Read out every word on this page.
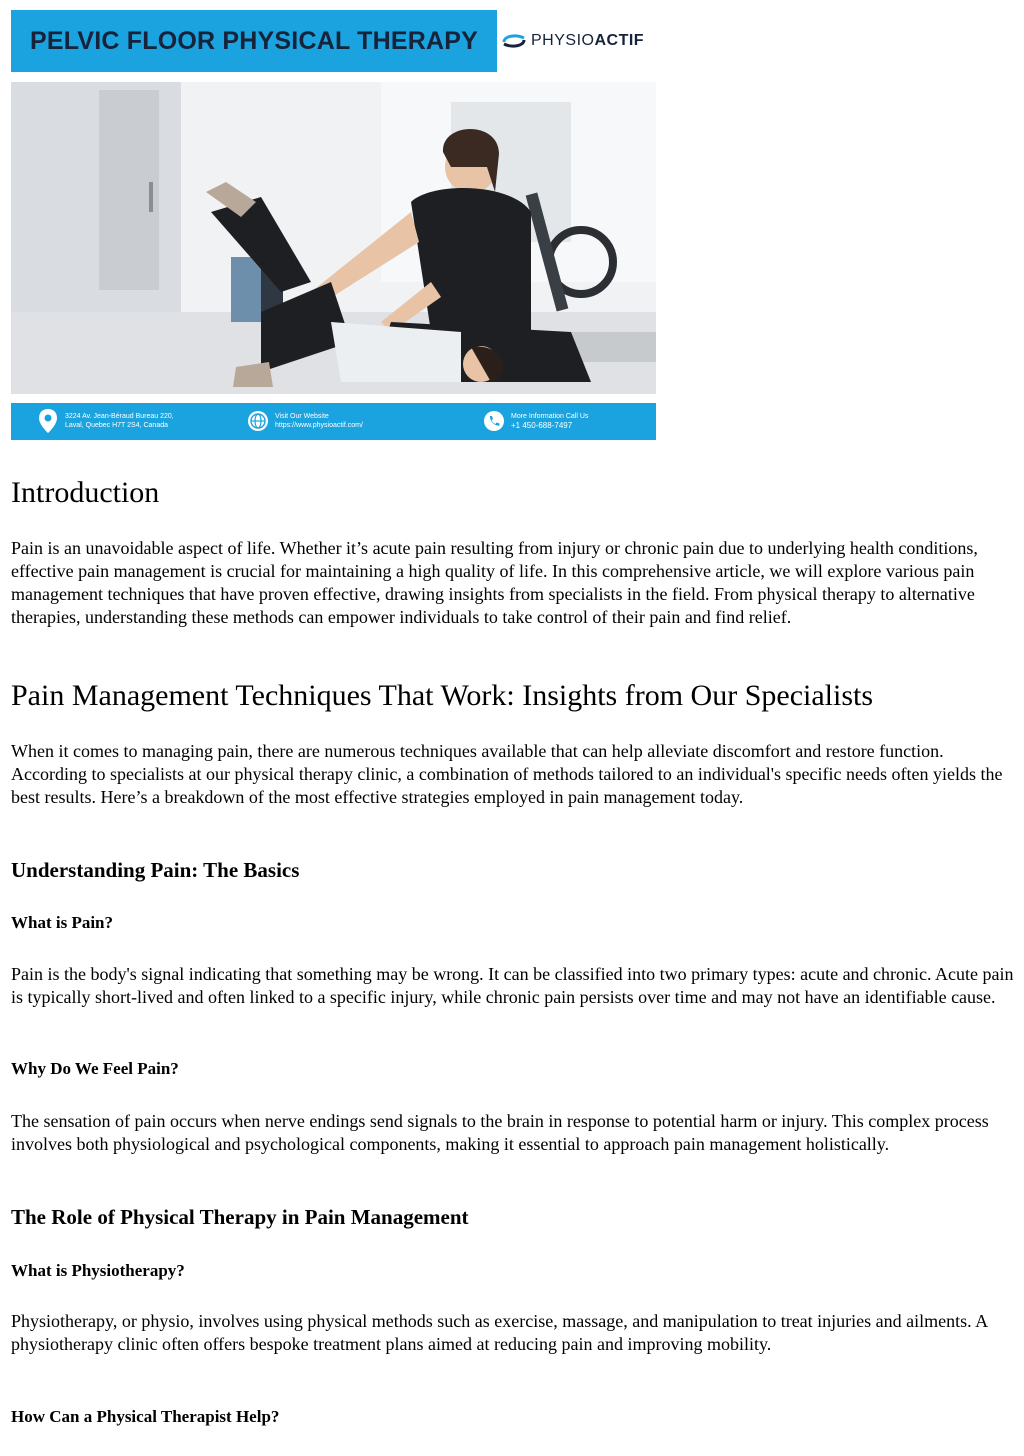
PELVIC FLOOR PHYSICAL THERAPY	PHYSIOACTIF
3224 Av. Jean-Béraud Bureau 220,
Laval, Quebec H7T 2S4, Canada
Visit Our Website
https://www.physioactif.com/
More Information Call Us
+1 450-688-7497
Introduction

Pain is an unavoidable aspect of life. Whether it’s acute pain resulting from injury or chronic pain due to underlying health conditions, effective pain management is crucial for maintaining a high quality of life. In this comprehensive article, we will explore various pain management techniques that have proven effective, drawing insights from specialists in the field. From physical therapy to alternative therapies, understanding these methods can empower individuals to take control of their pain and find relief.

Pain Management Techniques That Work: Insights from Our Specialists

When it comes to managing pain, there are numerous techniques available that can help alleviate discomfort and restore function. According to specialists at our physical therapy clinic, a combination of methods tailored to an individual's specific needs often yields the best results. Here’s a breakdown of the most effective strategies employed in pain management today.

Understanding Pain: The Basics
What is Pain?

Pain is the body's signal indicating that something may be wrong. It can be classified into two primary types: acute and chronic. Acute pain is typically short-lived and often linked to a specific injury, while chronic pain persists over time and may not have an identifiable cause.

Why Do We Feel Pain?

The sensation of pain occurs when nerve endings send signals to the brain in response to potential harm or injury. This complex process involves both physiological and psychological components, making it essential to approach pain management holistically.

The Role of Physical Therapy in Pain Management
What is Physiotherapy?

Physiotherapy, or physio, involves using physical methods such as exercise, massage, and manipulation to treat injuries and ailments. A physiotherapy clinic often offers bespoke treatment plans aimed at reducing pain and improving mobility.

How Can a Physical Therapist Help?
